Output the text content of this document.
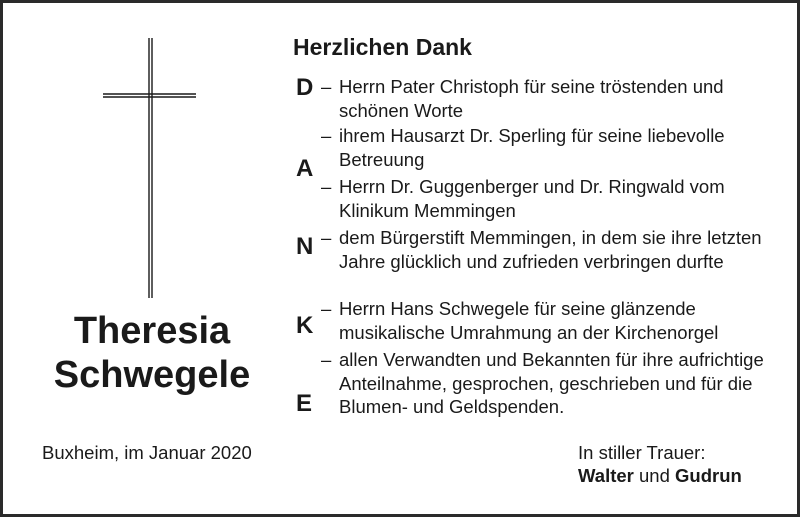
Theresia
Schwegele
Herzlichen Dank
D
A
N
K
E
– Herrn Pater Christoph für seine tröstenden und schönen Worte
– ihrem Hausarzt Dr. Sperling für seine liebevolle Betreuung
– Herrn Dr. Guggenberger und Dr. Ringwald vom Klinikum Memmingen
– dem Bürgerstift Memmingen, in dem sie ihre letzten Jahre glücklich und zufrieden verbringen durfte
– Herrn Hans Schwegele für seine glänzende musikalische Umrahmung an der Kirchenorgel
– allen Verwandten und Bekannten für ihre aufrichtige Anteilnahme, gesprochen, geschrieben und für die Blumen- und Geldspenden.
Buxheim, im Januar 2020	In stiller Trauer:
Walter und Gudrun
